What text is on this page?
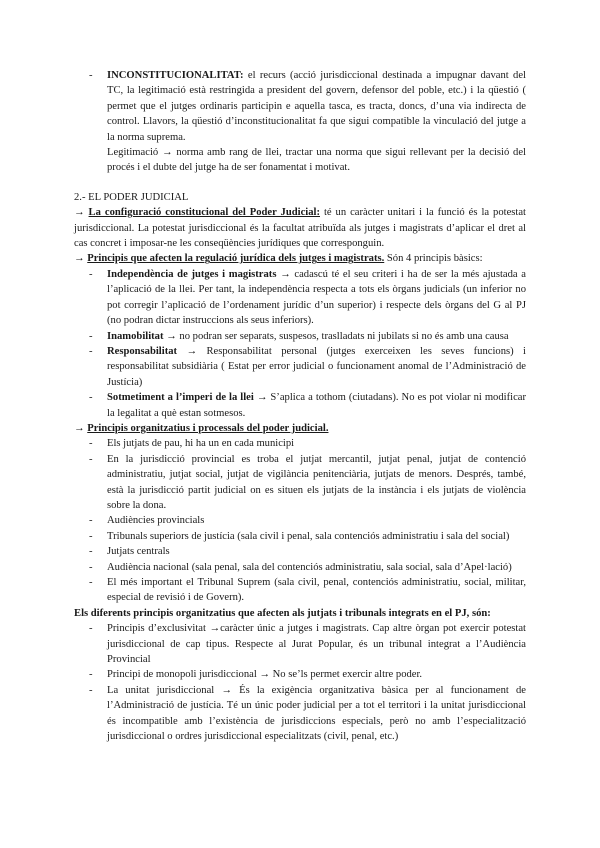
- INCONSTITUCIONALITAT: el recurs (acció jurisdiccional destinada a impugnar davant del TC, la legitimació està restringida a president del govern, defensor del poble, etc.) i la qüestió ( permet que el jutges ordinaris participin e aquella tasca, es tracta, doncs, d’una via indirecta de control. Llavors, la qüestió d’inconstitucionalitat fa que sigui compatible la vinculació del jutge a la norma suprema.
Legitimació → norma amb rang de llei, tractar una norma que sigui rellevant per la decisió del procés i el dubte del jutge ha de ser fonamentat i motivat.
2.- EL PODER JUDICIAL
→ La configuració constitucional del Poder Judicial: té un caràcter unitari i la funció és la potestat jurisdiccional. La potestat jurisdiccional és la facultat atribuïda als jutges i magistrats d’aplicar el dret al cas concret i imposar-ne les conseqüències jurídiques que corresponguin.
→ Principis que afecten la regulació jurídica dels jutges i magistrats. Són 4 principis bàsics:
- Independència de jutges i magistrats → cadascú té el seu criteri i ha de ser la més ajustada a l’aplicació de la llei. Per tant, la independència respecta a tots els òrgans judicials (un inferior no pot corregir l’aplicació de l’ordenament jurídic d’un superior) i respecte dels òrgans del G al PJ (no podran dictar instruccions als seus inferiors).
- Inamobilitat → no podran ser separats, suspesos, traslladats ni jubilats si no és amb una causa
- Responsabilitat → Responsabilitat personal (jutges exerceixen les seves funcions) i responsabilitat subsidiària ( Estat per error judicial o funcionament anomal de l’Administració de Justícia)
- Sotmetiment a l’imperi de la llei → S’aplica a tothom (ciutadans). No es pot violar ni modificar la legalitat a què estan sotmesos.
→ Principis organitzatius i processals del poder judicial.
- Els jutjats de pau, hi ha un en cada municipi
- En la jurisdicció provincial es troba el jutjat mercantil, jutjat penal, jutjat de contenció administratiu, jutjat social, jutjat de vigilància penitenciària, jutjats de menors. Després, també, està la jurisdicció partit judicial on es situen els jutjats de la instància i els jutjats de violència sobre la dona.
- Audiències provincials
- Tribunals superiors de justícia (sala civil i penal, sala contenciós administratiu i sala del social)
- Jutjats centrals
- Audiència nacional (sala penal, sala del contenciós administratiu, sala social, sala d’Apel·lació)
- El més important el Tribunal Suprem (sala civil, penal, contenciós administratiu, social, militar, especial de revisió i de Govern).
Els diferents principis organitzatius que afecten als jutjats i tribunals integrats en el PJ, són:
- Principis d’exclusivitat →caràcter únic a jutges i magistrats. Cap altre òrgan pot exercir potestat jurisdiccional de cap tipus. Respecte al Jurat Popular, és un tribunal integrat a l’Audiència Provincial
- Principi de monopoli jurisdiccional → No se’ls permet exercir altre poder.
- La unitat jurisdiccional → És la exigència organitzativa bàsica per al funcionament de l’Administració de justícia. Té un únic poder judicial per a tot el territori i la unitat jurisdiccional és incompatible amb l’existència de jurisdiccions especials, però no amb l’especialització jurisdiccional o ordres jurisdiccional especialitzats (civil, penal, etc.)
